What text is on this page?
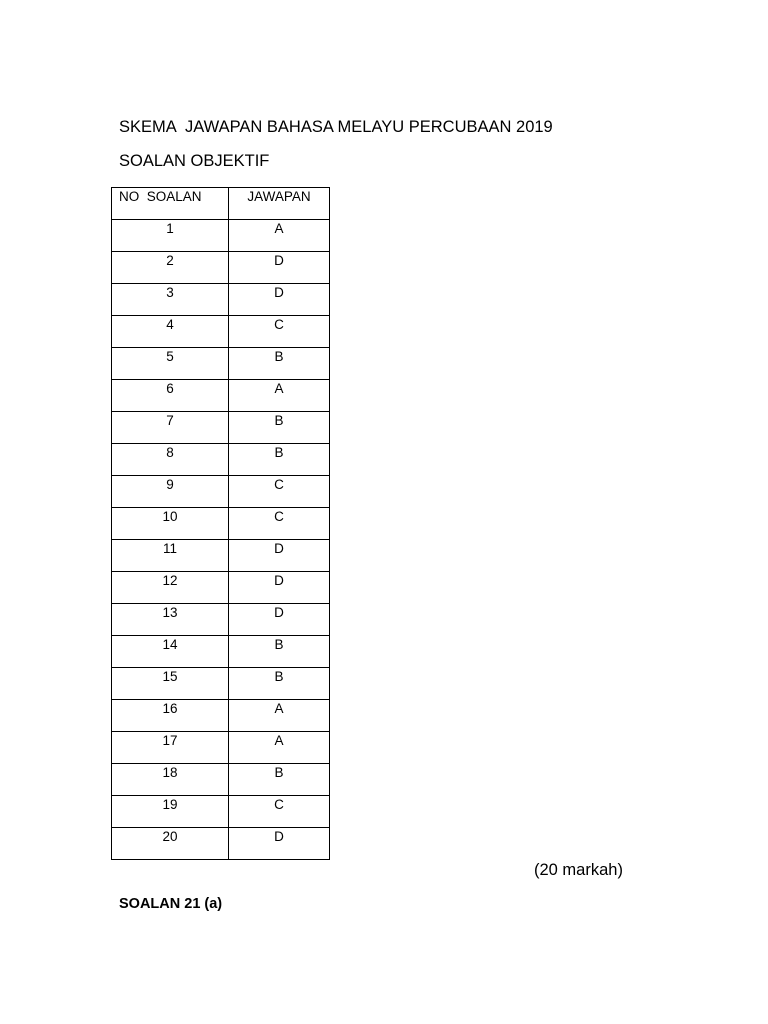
SKEMA  JAWAPAN BAHASA MELAYU PERCUBAAN 2019
SOALAN OBJEKTIF
NO  SOALAN	JAWAPAN

1	A

2	D

3	D

4	C

5	B

6	A

7	B

8	B

9	C

10	C

11	D

12	D

13	D

14	B

15	B

16	A

17	A

18	B

19	C

20	D
(20 markah)
SOALAN 21 (a)
